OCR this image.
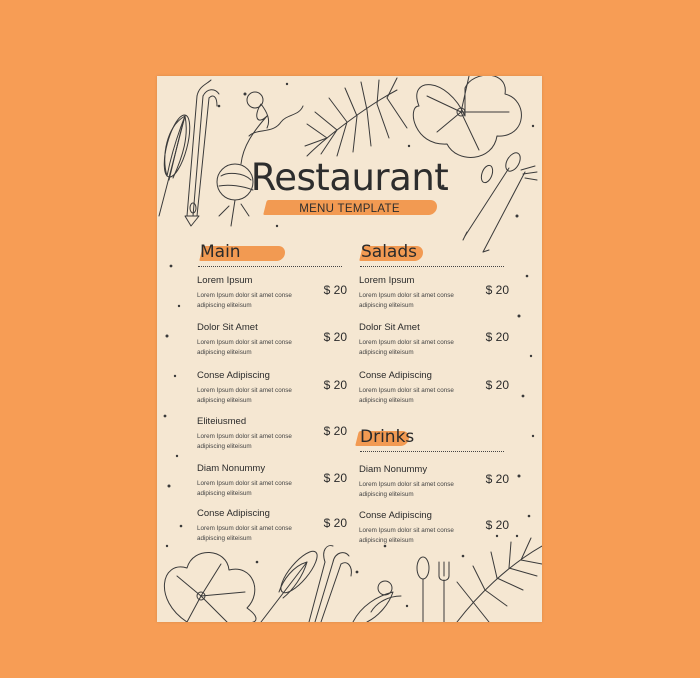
Restaurant
MENU TEMPLATE
Main
Lorem Ipsum
Lorem Ipsum dolor sit amet conse adipiscing eliteisum
$ 20
Dolor Sit Amet
Lorem Ipsum dolor sit amet conse adipiscing eliteisum
$ 20
Conse Adipiscing
Lorem Ipsum dolor sit amet conse adipiscing eliteisum
$ 20
Eliteiusmed
Lorem Ipsum dolor sit amet conse adipiscing eliteisum
$ 20
Diam Nonummy
Lorem Ipsum dolor sit amet conse adipiscing eliteisum
$ 20
Conse Adipiscing
Lorem Ipsum dolor sit amet conse adipiscing eliteisum
$ 20
Salads
Lorem Ipsum
Lorem Ipsum dolor sit amet conse adipiscing eliteisum
$ 20
Dolor Sit Amet
Lorem Ipsum dolor sit amet conse adipiscing eliteisum
$ 20
Conse Adipiscing
Lorem Ipsum dolor sit amet conse adipiscing eliteisum
$ 20
Drinks
Diam Nonummy
Lorem Ipsum dolor sit amet conse adipiscing eliteisum
$ 20
Conse Adipiscing
Lorem Ipsum dolor sit amet conse adipiscing eliteisum
$ 20
